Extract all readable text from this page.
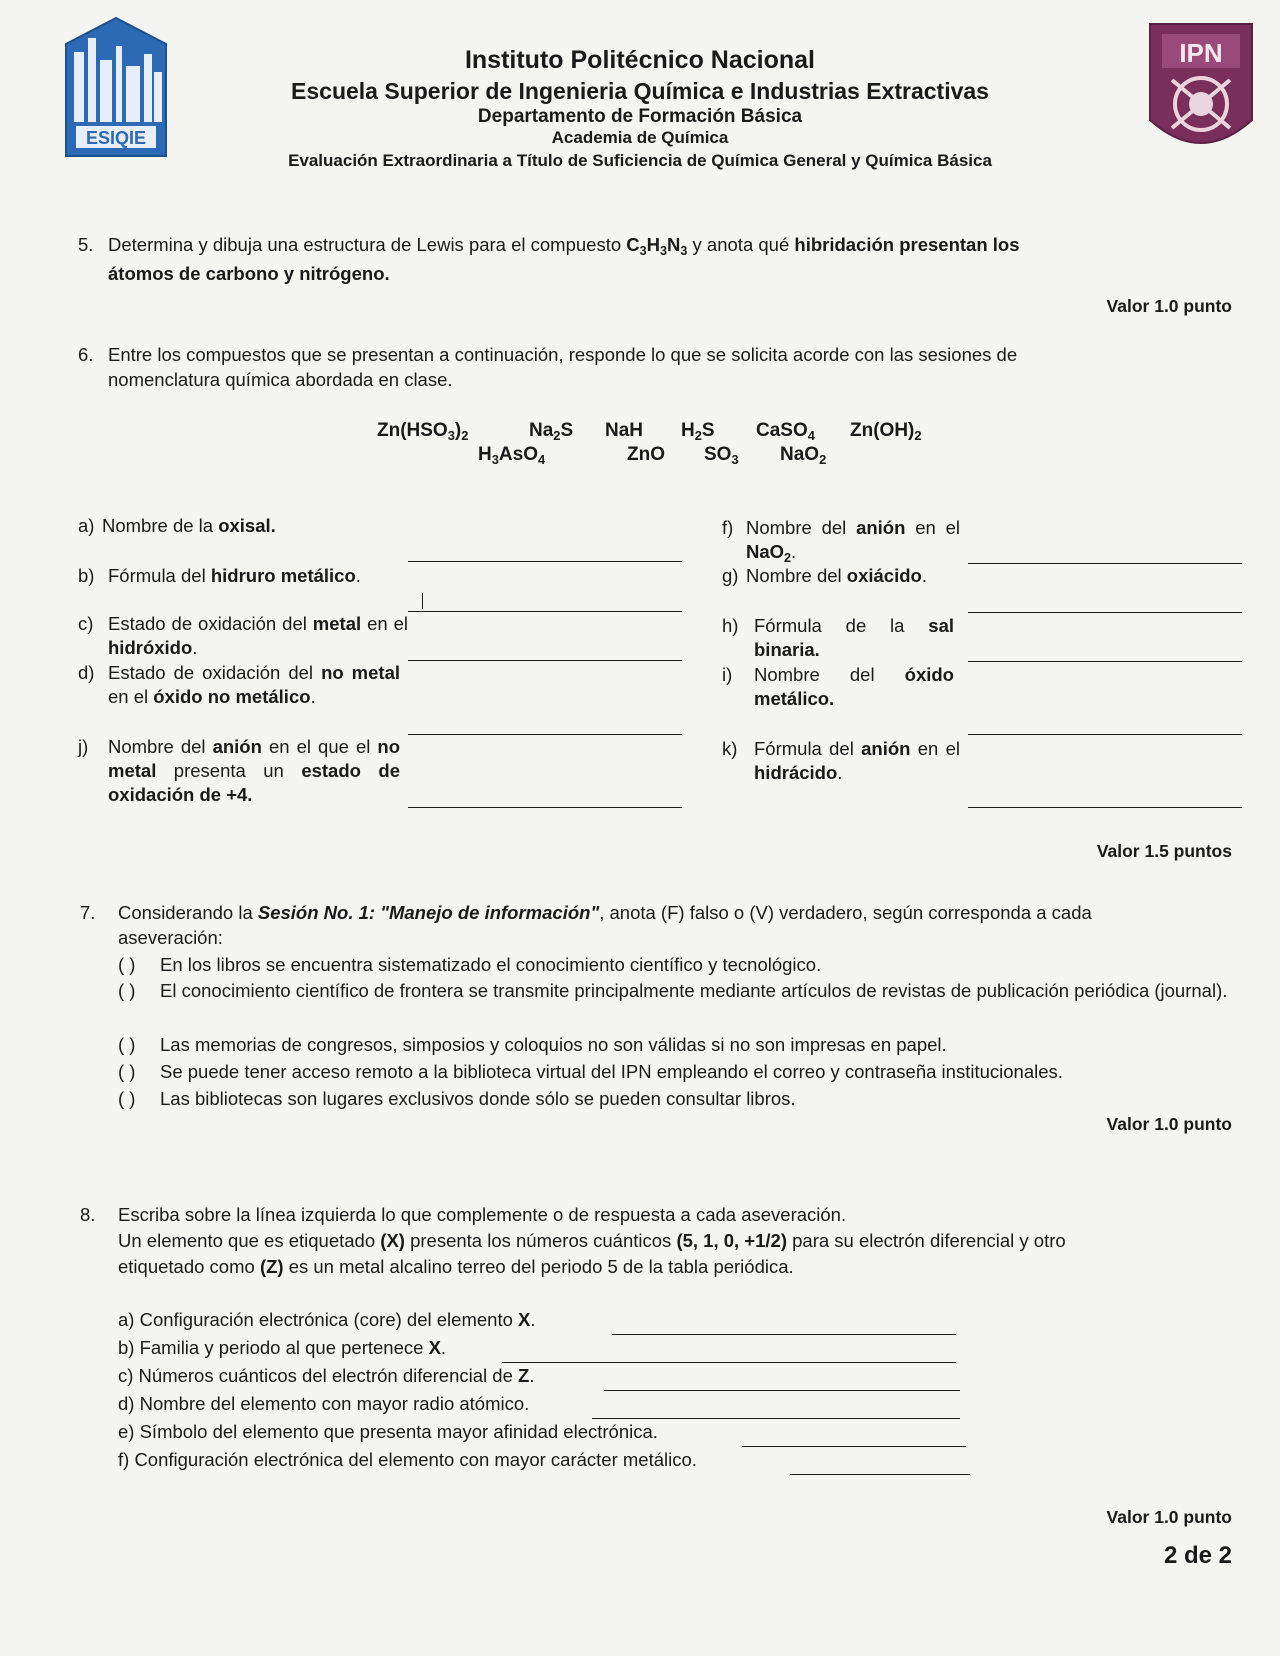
ESIQIE
IPN
Instituto Politécnico Nacional
Escuela Superior de Ingenieria Química e Industrias Extractivas
Departamento de Formación Básica
Academia de Química
Evaluación Extraordinaria a Título de Suficiencia de Química General y Química Básica
5. Determina y dibuja una estructura de Lewis para el compuesto $C_3H_3N_3$ y anota qué hibridación presentan los
átomos de carbono y nitrógeno.
Valor 1.0 punto
6. Entre los compuestos que se presentan a continuación, responde lo que se solicita acorde con las sesiones de
nomenclatura química abordada en clase.
$Zn(HSO_3)_2$	$Na_2S$ NaH $H_2S$ CaSO$_4$ $Zn(OH)_2$
$H_3AsO_4$	ZnO $SO_3$ NaO$_2$
a) Nombre de la oxisal.
b) Fórmula del hidruro metálico.
c) Estado de oxidación del metal en el hidróxido.
d) Estado de oxidación del no metal en el óxido no metálico.
j) Nombre del anión en el que el no metal presenta un estado de oxidación de +4.
f) Nombre del anión en el NaO$_2$.
g) Nombre del oxiácido.
h) Fórmula de la sal binaria.
i) Nombre del óxido metálico.
k) Fórmula del anión en el hidrácido.
Valor 1.5 puntos
7. Considerando la Sesión No. 1: "Manejo de información", anota (F) falso o (V) verdadero, según corresponda a cada
aseveración:
( ) En los libros se encuentra sistematizado el conocimiento científico y tecnológico.
( ) El conocimiento científico de frontera se transmite principalmente mediante artículos de revistas de publicación periódica (journal).
( ) Las memorias de congresos, simposios y coloquios no son válidas si no son impresas en papel.
( ) Se puede tener acceso remoto a la biblioteca virtual del IPN empleando el correo y contraseña institucionales.
( ) Las bibliotecas son lugares exclusivos donde sólo se pueden consultar libros.
Valor 1.0 punto
8. Escriba sobre la línea izquierda lo que complemente o de respuesta a cada aseveración.
Un elemento que es etiquetado (X) presenta los números cuánticos (5, 1, 0, +1/2) para su electrón diferencial y otro
etiquetado como (Z) es un metal alcalino terreo del periodo 5 de la tabla periódica.
a) Configuración electrónica (core) del elemento X.
b) Familia y periodo al que pertenece X.
c) Números cuánticos del electrón diferencial de Z.
d) Nombre del elemento con mayor radio atómico.
e) Símbolo del elemento que presenta mayor afinidad electrónica.
f) Configuración electrónica del elemento con mayor carácter metálico.
Valor 1.0 punto
2 de 2
